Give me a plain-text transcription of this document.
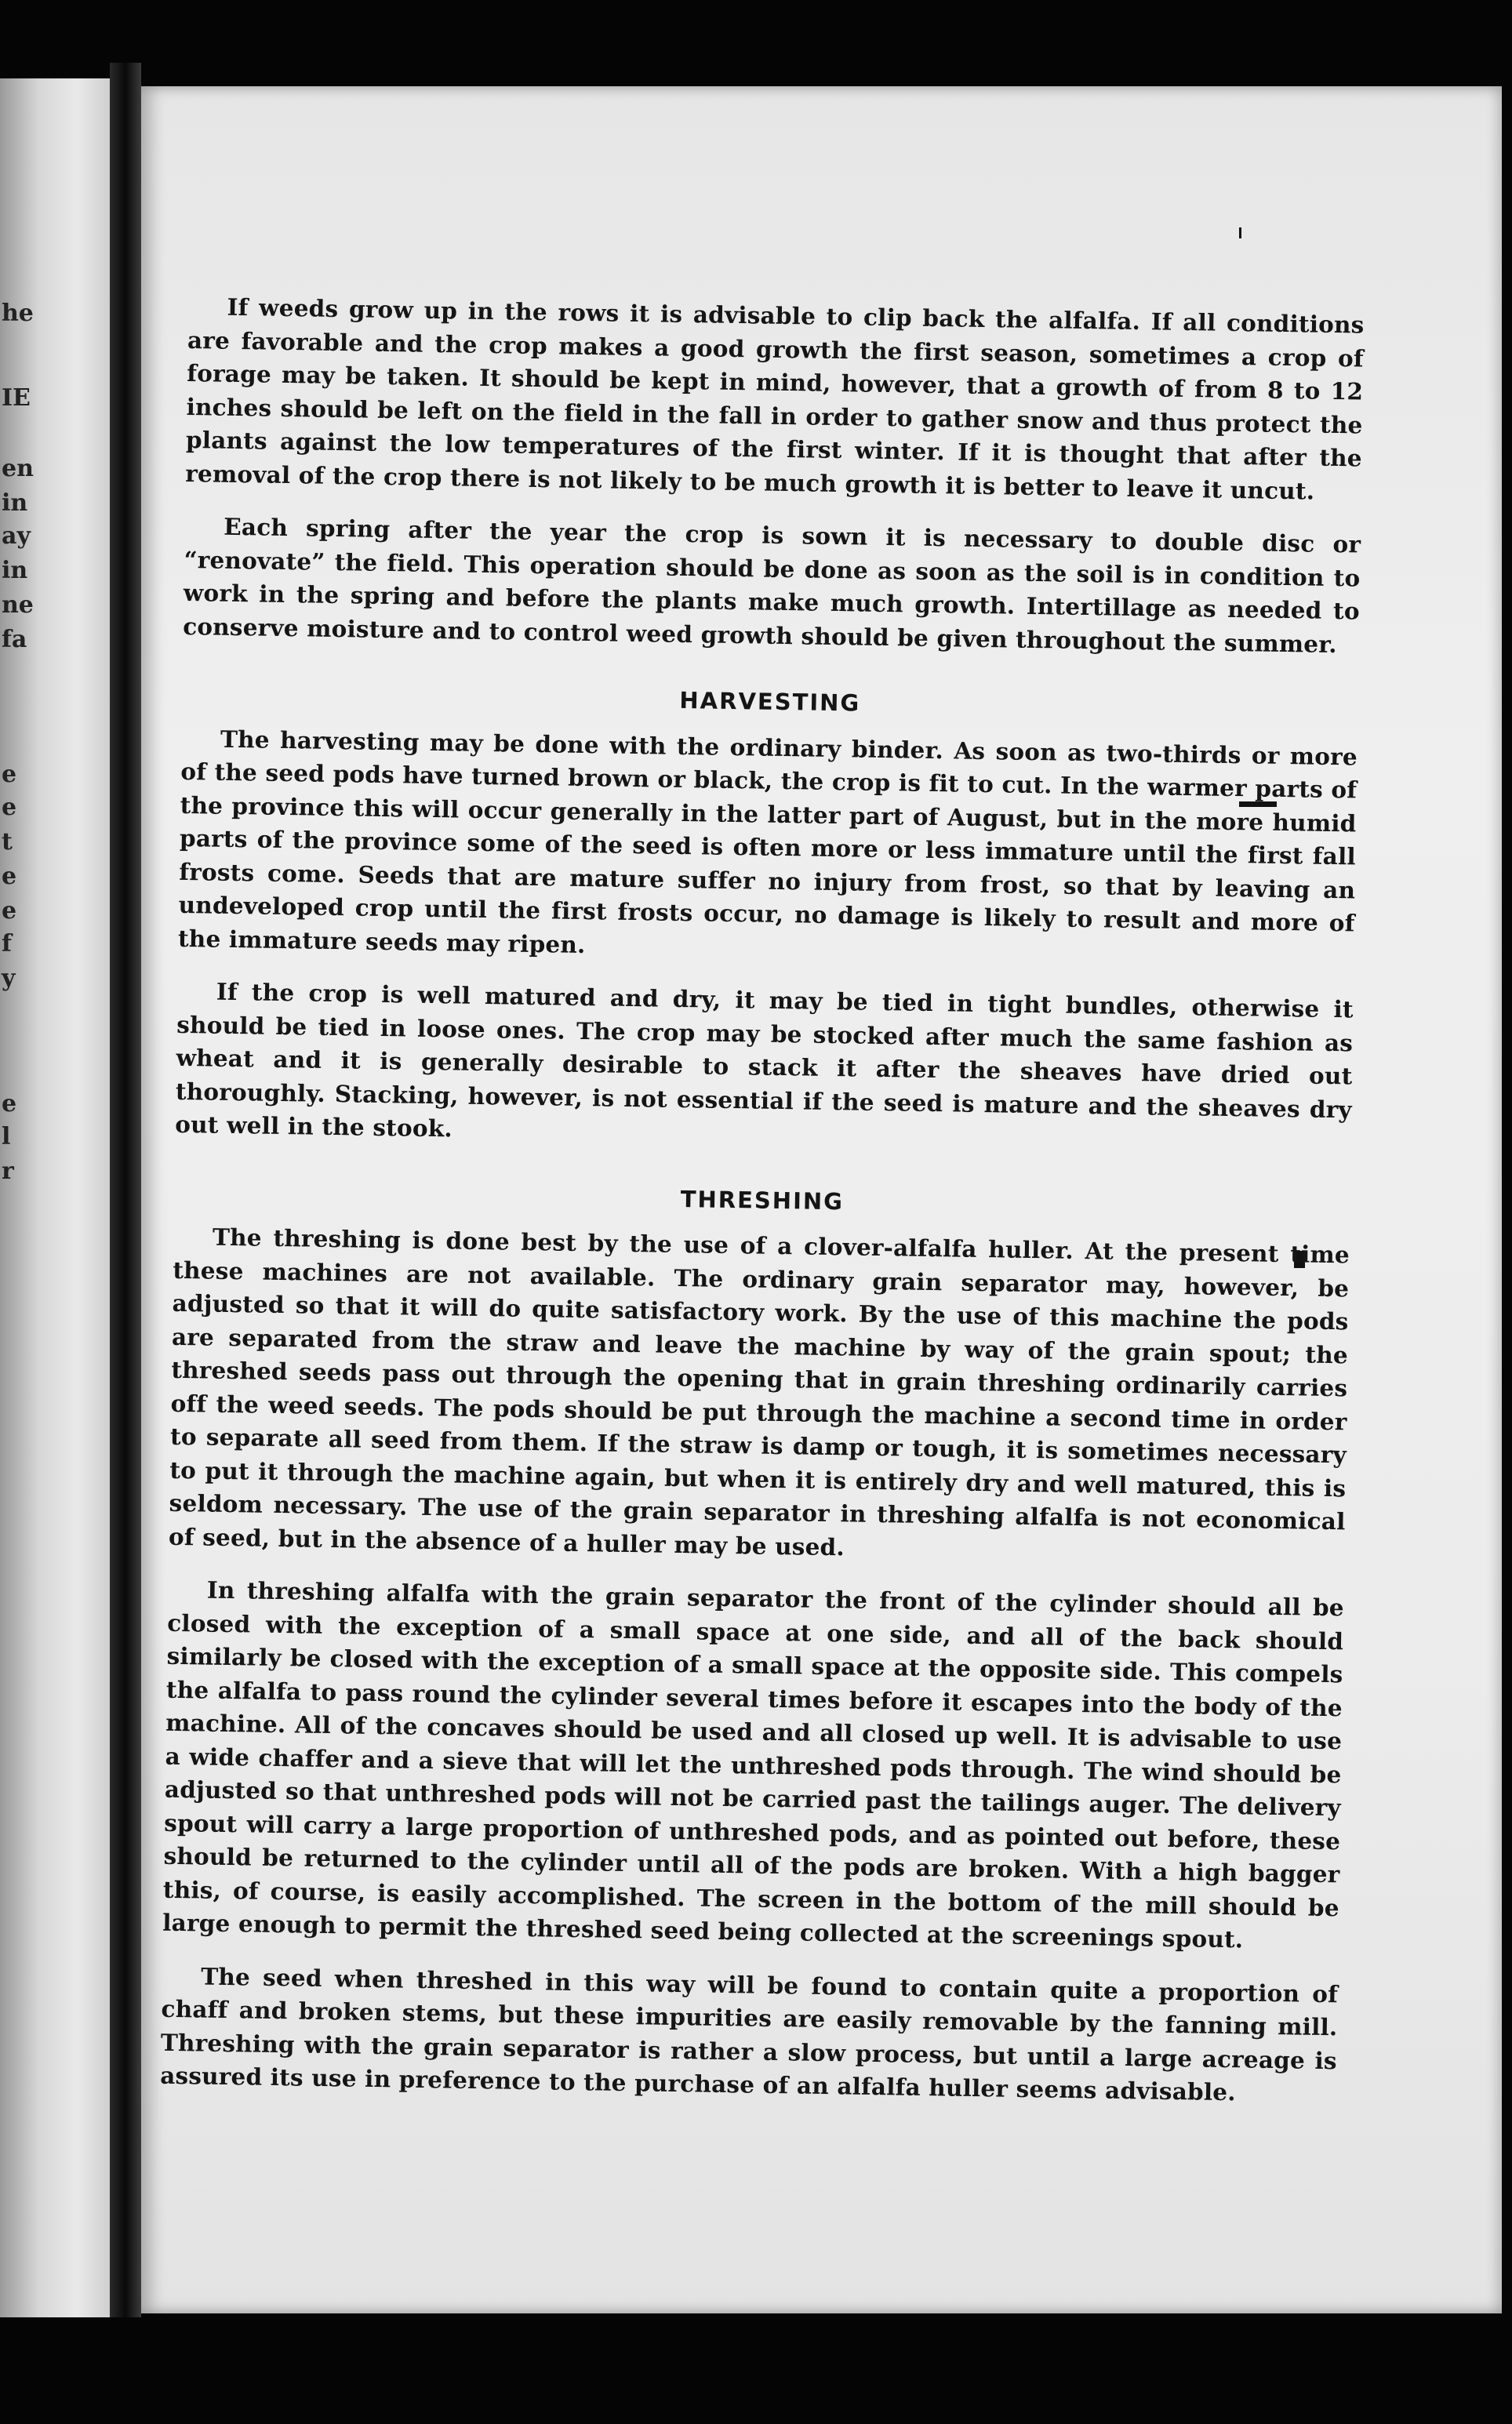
he
IE
en
in
ay
in
ne
fa
e
e
t
e
e
f
y
e
l
r

If weeds grow up in the rows it is advisable to clip back the alfalfa. If all conditions are favorable and the crop makes a good growth the first season, sometimes a crop of forage may be taken. It should be kept in mind, however, that a growth of from 8 to 12 inches should be left on the field in the fall in order to gather snow and thus protect the plants against the low temperatures of the first winter. If it is thought that after the removal of the crop there is not likely to be much growth it is better to leave it uncut.

Each spring after the year the crop is sown it is necessary to double disc or “renovate” the field. This operation should be done as soon as the soil is in condition to work in the spring and before the plants make much growth. Intertillage as needed to conserve moisture and to control weed growth should be given throughout the summer.

HARVESTING

The harvesting may be done with the ordinary binder. As soon as two-thirds or more of the seed pods have turned brown or black, the crop is fit to cut. In the warmer parts of the province this will occur generally in the latter part of August, but in the more humid parts of the province some of the seed is often more or less immature until the first fall frosts come. Seeds that are mature suffer no injury from frost, so that by leaving an undeveloped crop until the first frosts occur, no damage is likely to result and more of the immature seeds may ripen.

If the crop is well matured and dry, it may be tied in tight bundles, otherwise it should be tied in loose ones. The crop may be stocked after much the same fashion as wheat and it is generally desirable to stack it after the sheaves have dried out thoroughly. Stacking, however, is not essential if the seed is mature and the sheaves dry out well in the stook.

THRESHING

The threshing is done best by the use of a clover-alfalfa huller. At the present time these machines are not available. The ordinary grain separator may, however, be adjusted so that it will do quite satisfactory work. By the use of this machine the pods are separated from the straw and leave the machine by way of the grain spout; the threshed seeds pass out through the opening that in grain threshing ordinarily carries off the weed seeds. The pods should be put through the machine a second time in order to separate all seed from them. If the straw is damp or tough, it is sometimes necessary to put it through the machine again, but when it is entirely dry and well matured, this is seldom necessary. The use of the grain separator in threshing alfalfa is not economical of seed, but in the absence of a huller may be used.

In threshing alfalfa with the grain separator the front of the cylinder should all be closed with the exception of a small space at one side, and all of the back should similarly be closed with the exception of a small space at the opposite side. This compels the alfalfa to pass round the cylinder several times before it escapes into the body of the machine. All of the concaves should be used and all closed up well. It is advisable to use a wide chaffer and a sieve that will let the unthreshed pods through. The wind should be adjusted so that unthreshed pods will not be carried past the tailings auger. The delivery spout will carry a large proportion of unthreshed pods, and as pointed out before, these should be returned to the cylinder until all of the pods are broken. With a high bagger this, of course, is easily accomplished. The screen in the bottom of the mill should be large enough to permit the threshed seed being collected at the screenings spout.

The seed when threshed in this way will be found to contain quite a proportion of chaff and broken stems, but these impurities are easily removable by the fanning mill. Threshing with the grain separator is rather a slow process, but until a large acreage is assured its use in preference to the purchase of an alfalfa huller seems advisable.
